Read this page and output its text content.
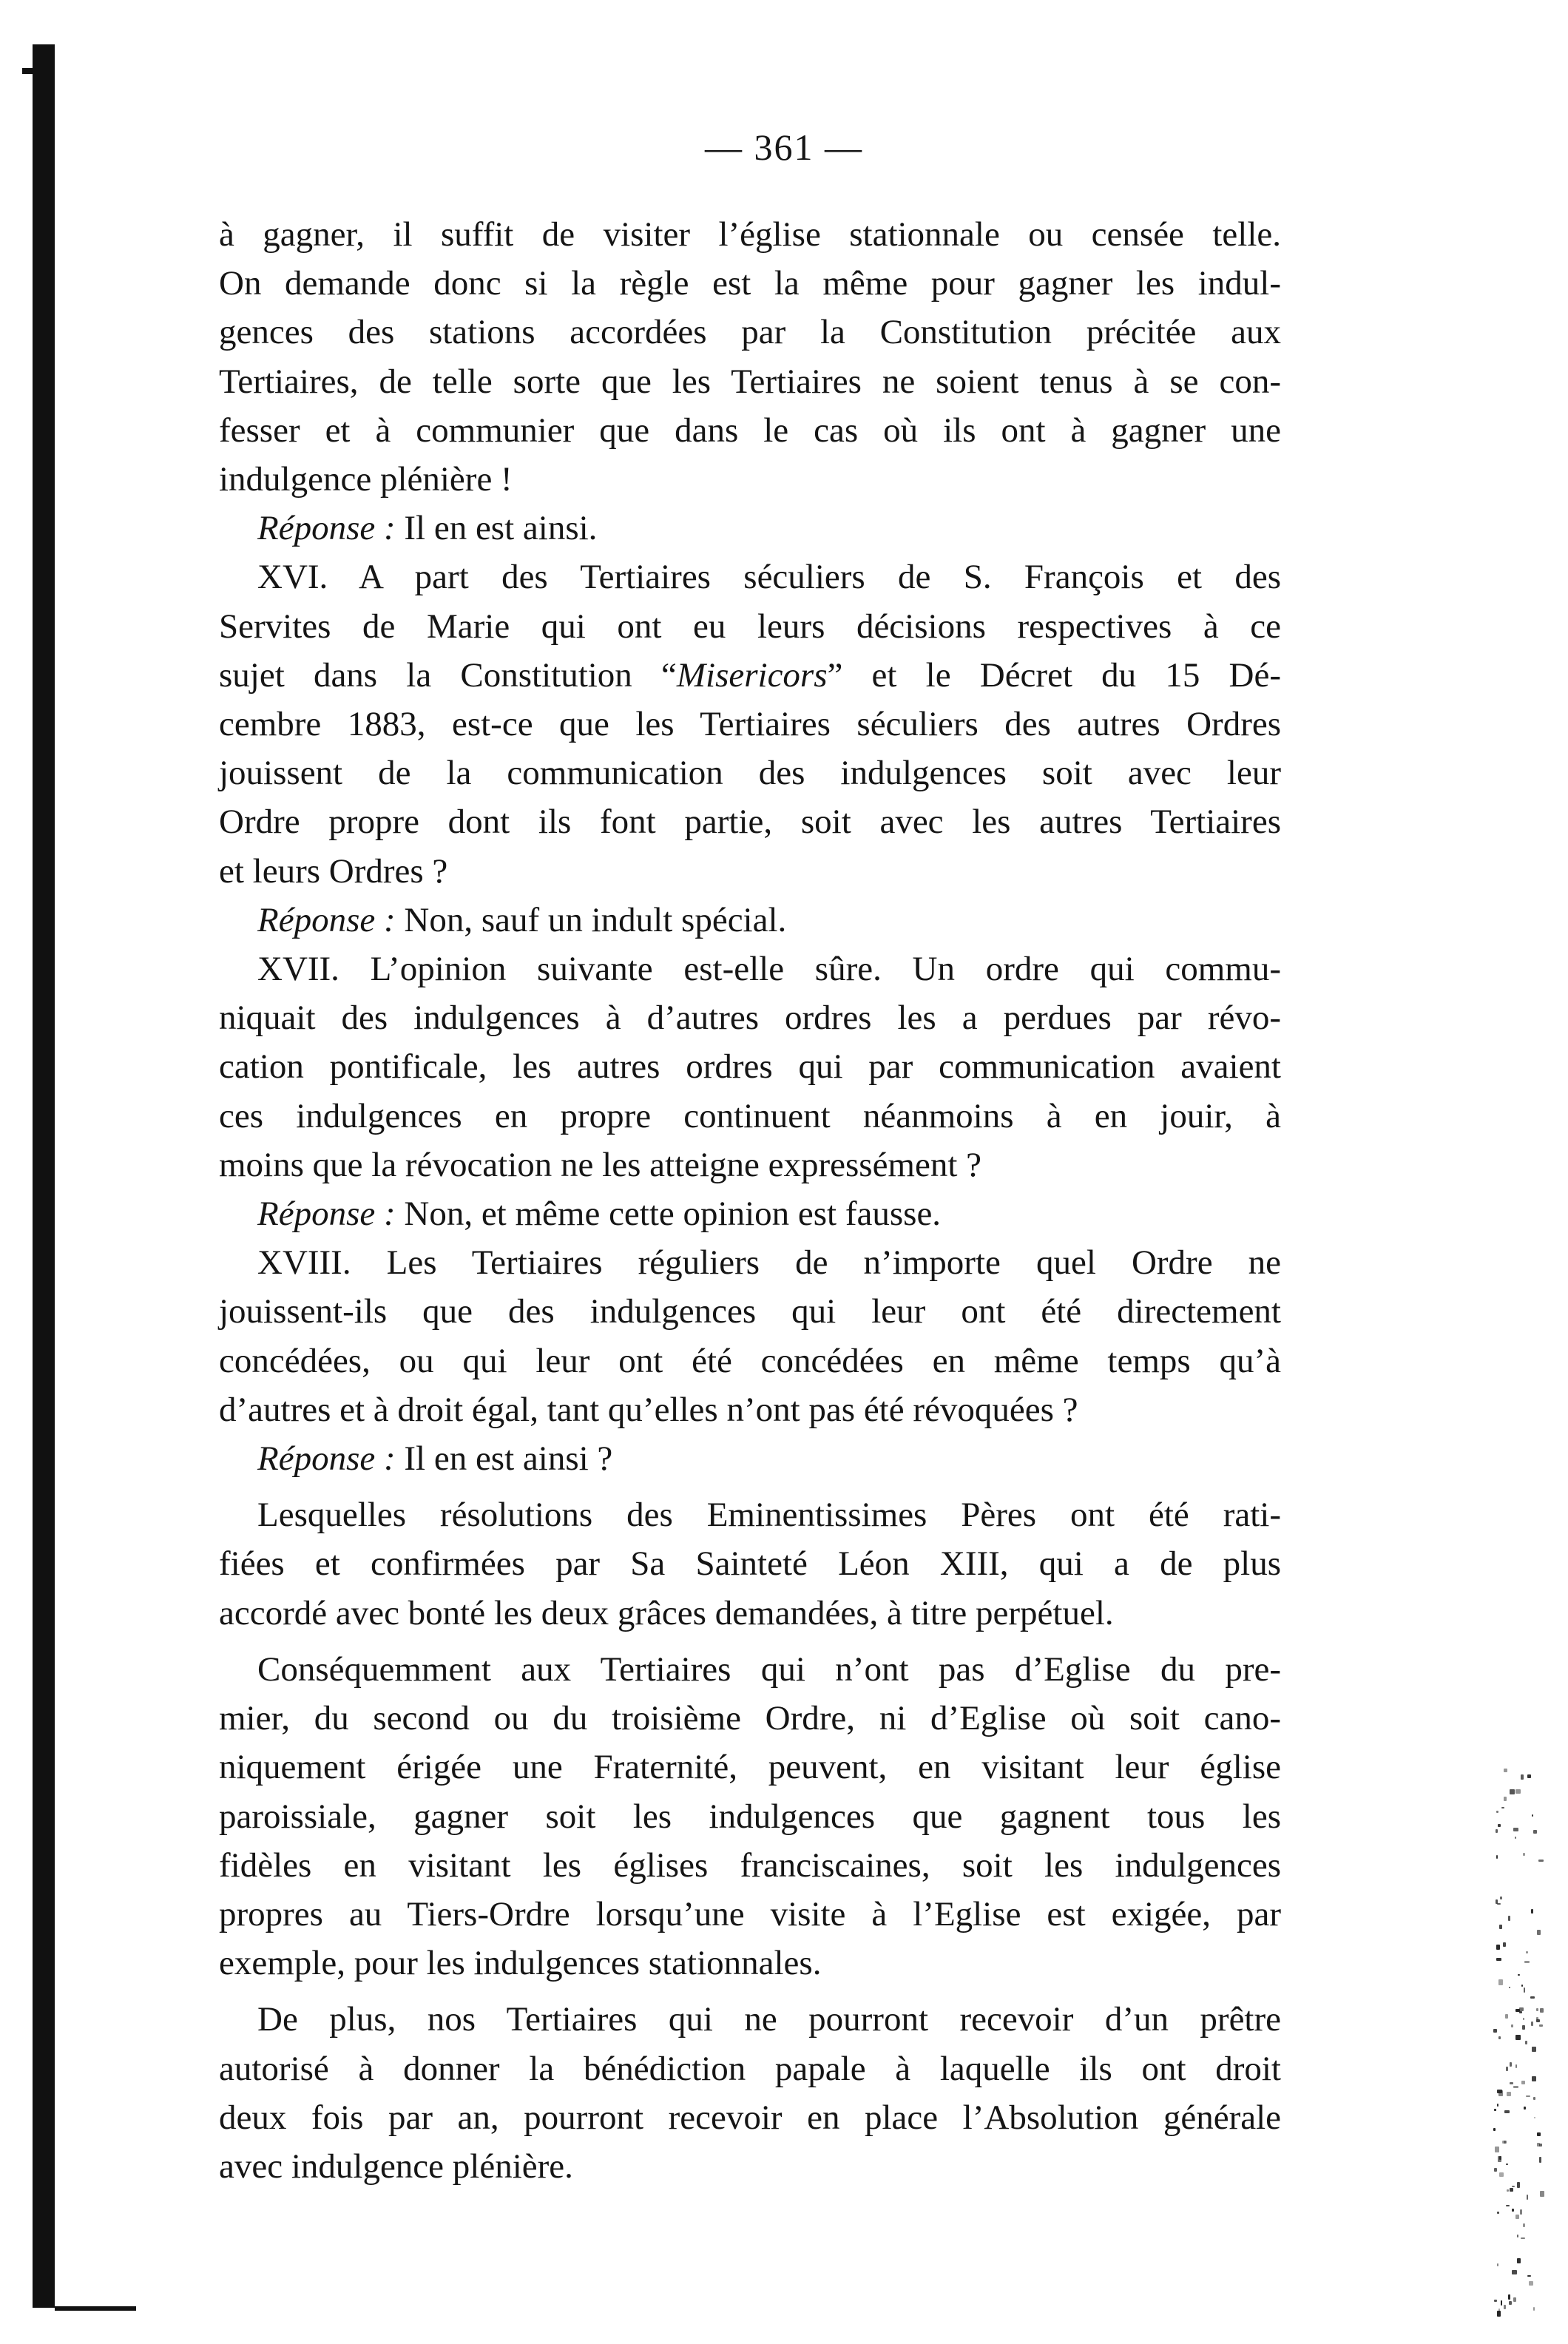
— 361 —
à gagner, il suffit de visiter l’église stationnale ou censée telle.
On demande donc si la règle est la même pour gagner les indul-
gences des stations accordées par la Constitution précitée aux
Tertiaires, de telle sorte que les Tertiaires ne soient tenus à se con-
fesser et à communier que dans le cas où ils ont à gagner une
indulgence plénière !
Réponse : Il en est ainsi.
XVI. A part des Tertiaires séculiers de S. François et des
Servites de Marie qui ont eu leurs décisions respectives à ce
sujet dans la Constitution “Misericors” et le Décret du 15 Dé-
cembre 1883, est-ce que les Tertiaires séculiers des autres Ordres
jouissent de la communication des indulgences soit avec leur
Ordre propre dont ils font partie, soit avec les autres Tertiaires
et leurs Ordres ?
Réponse : Non, sauf un indult spécial.
XVII. L’opinion suivante est-elle sûre. Un ordre qui commu-
niquait des indulgences à d’autres ordres les a perdues par révo-
cation pontificale, les autres ordres qui par communication avaient
ces indulgences en propre continuent néanmoins à en jouir, à
moins que la révocation ne les atteigne expressément ?
Réponse : Non, et même cette opinion est fausse.
XVIII. Les Tertiaires réguliers de n’importe quel Ordre ne
jouissent-ils que des indulgences qui leur ont été directement
concédées, ou qui leur ont été concédées en même temps qu’à
d’autres et à droit égal, tant qu’elles n’ont pas été révoquées ?
Réponse : Il en est ainsi ?
Lesquelles résolutions des Eminentissimes Pères ont été rati-
fiées et confirmées par Sa Sainteté Léon XIII, qui a de plus
accordé avec bonté les deux grâces demandées, à titre perpétuel.
Conséquemment aux Tertiaires qui n’ont pas d’Eglise du pre-
mier, du second ou du troisième Ordre, ni d’Eglise où soit cano-
niquement érigée une Fraternité, peuvent, en visitant leur église
paroissiale, gagner soit les indulgences que gagnent tous les
fidèles en visitant les églises franciscaines, soit les indulgences
propres au Tiers-Ordre lorsqu’une visite à l’Eglise est exigée, par
exemple, pour les indulgences stationnales.
De plus, nos Tertiaires qui ne pourront recevoir d’un prêtre
autorisé à donner la bénédiction papale à laquelle ils ont droit
deux fois par an, pourront recevoir en place l’Absolution générale
avec indulgence plénière.
